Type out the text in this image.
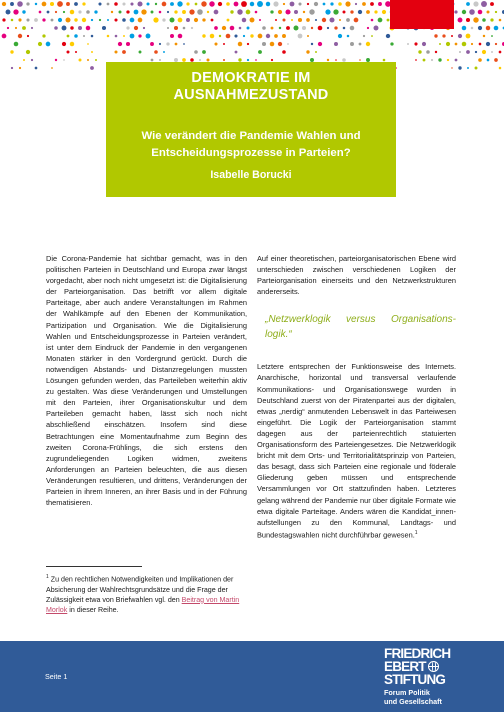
DEMOKRATIE IM
AUSNAHMEZUSTAND
Wie verändert die Pandemie Wahlen und
Entscheidungsprozesse in Parteien?
Isabelle Borucki

Die Corona-Pandemie hat sichtbar gemacht, was in den politischen Parteien in Deutschland und Europa zwar längst vorgedacht, aber noch nicht umgesetzt ist: die Digitalisierung der Parteiorganisation. Das betrifft vor allem digitale Parteitage, aber auch andere Veranstaltungen im Rahmen der Wahlkämpfe auf den Ebenen der Kommunikation, Partizipation und Organisation. Wie die Digitalisierung Wahlen und Entscheidungsprozesse in Parteien verändert, ist unter dem Eindruck der Pandemie in den vergangenen Monaten stärker in den Vordergrund gerückt. Durch die notwendigen Abstands- und Distanzregelungen mussten Lösungen gefunden werden, das Parteileben weiterhin aktiv zu gestalten. Was diese Veränderungen und Umstellungen mit den Parteien, ihrer Organisationskultur und dem Parteileben gemacht haben, lässt sich noch nicht abschließend einschätzen. Insofern sind diese Betrachtungen eine Momentaufnahme zum Beginn des zweiten Corona-Frühlings, die sich erstens den zugrundeliegenden Logiken widmen, zweitens Anforderungen an Parteien beleuchten, die aus diesen Veränderungen resultieren, und drittens, Veränderungen der Parteien in ihrem Inneren, an ihrer Basis und in der Führung thematisieren.

Auf einer theoretischen, parteiorganisatorischen Ebene wird unterschieden zwischen verschiedenen Logiken der Parteiorganisation einerseits und den Netzwerkstrukturen andererseits.

„Netzwerklogik versus Organisations-logik.“

Letztere entsprechen der Funktionsweise des Internets. Anarchische, horizontal und transversal verlaufende Kommunikations- und Organisationswege wurden in Deutschland zuerst von der Piratenpartei aus der digitalen, etwas „nerdig“ anmutenden Lebenswelt in das Parteiwesen eingeführt. Die Logik der Parteiorganisation stammt dagegen aus der parteienrechtlich statuierten Organisationsform des Parteiengesetzes. Die Netzwerklogik bricht mit dem Orts- und Territorialitätsprinzip von Parteien, das besagt, dass sich Parteien eine regionale und föderale Gliederung geben müssen und entsprechende Versammlungen vor Ort stattzufinden haben. Letzteres gelang während der Pandemie nur über digitale Formate wie etwa digitale Parteitage. Anders wären die Kandidat_innen-aufstellungen zu den Kommunal, Landtags- und Bundestagswahlen nicht durchführbar gewesen.$^1$

$^1$ Zu den rechtlichen Notwendigkeiten und Implikationen der Absicherung der Wahlrechtsgrundsätze und die Frage der Zulässigkeit etwa von Briefwahlen vgl. den Beitrag von Martin Morlok in dieser Reihe.
Seite 1
FRIEDRICH
EBERT
STIFTUNG
Forum Politik
und Gesellschaft
